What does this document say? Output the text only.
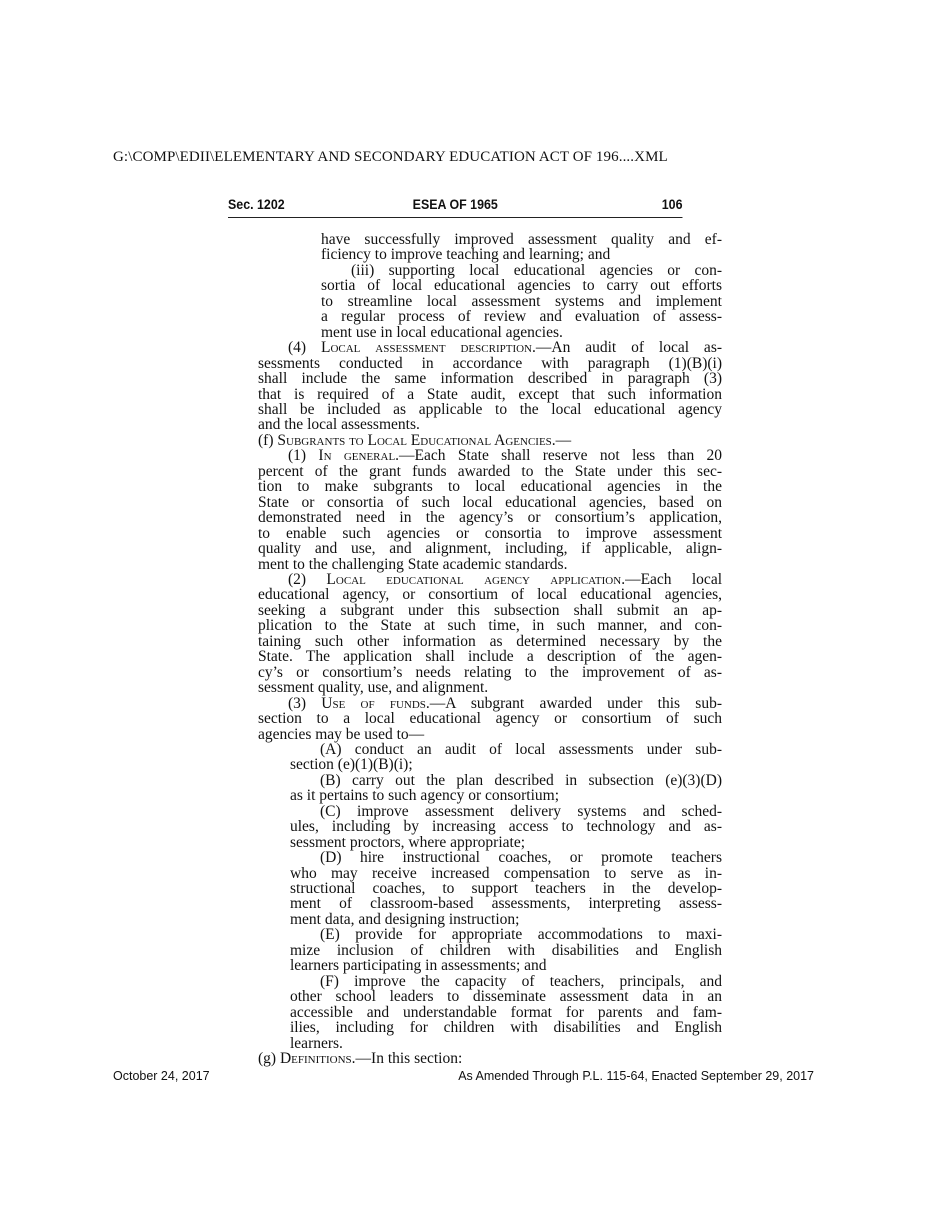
G:\COMP\EDII\ELEMENTARY AND SECONDARY EDUCATION ACT OF 196....XML
ESEA OF 1965
Sec. 1202	106

have successfully improved assessment quality and ef-

ficiency to improve teaching and learning; and

(iii) supporting local educational agencies or con-

sortia of local educational agencies to carry out efforts

to streamline local assessment systems and implement

a regular process of review and evaluation of assess-

ment use in local educational agencies.

(4) Local assessment description.—An audit of local as-

sessments conducted in accordance with paragraph (1)(B)(i)

shall include the same information described in paragraph (3)

that is required of a State audit, except that such information

shall be included as applicable to the local educational agency

and the local assessments.

(f) Subgrants to Local Educational Agencies.—

(1) In general.—Each State shall reserve not less than 20

percent of the grant funds awarded to the State under this sec-

tion to make subgrants to local educational agencies in the

State or consortia of such local educational agencies, based on

demonstrated need in the agency’s or consortium’s application,

to enable such agencies or consortia to improve assessment

quality and use, and alignment, including, if applicable, align-

ment to the challenging State academic standards.

(2) Local educational agency application.—Each local

educational agency, or consortium of local educational agencies,

seeking a subgrant under this subsection shall submit an ap-

plication to the State at such time, in such manner, and con-

taining such other information as determined necessary by the

State. The application shall include a description of the agen-

cy’s or consortium’s needs relating to the improvement of as-

sessment quality, use, and alignment.

(3) Use of funds.—A subgrant awarded under this sub-

section to a local educational agency or consortium of such

agencies may be used to—

(A) conduct an audit of local assessments under sub-

section (e)(1)(B)(i);

(B) carry out the plan described in subsection (e)(3)(D)

as it pertains to such agency or consortium;

(C) improve assessment delivery systems and sched-

ules, including by increasing access to technology and as-

sessment proctors, where appropriate;

(D) hire instructional coaches, or promote teachers

who may receive increased compensation to serve as in-

structional coaches, to support teachers in the develop-

ment of classroom-based assessments, interpreting assess-

ment data, and designing instruction;

(E) provide for appropriate accommodations to maxi-

mize inclusion of children with disabilities and English

learners participating in assessments; and

(F) improve the capacity of teachers, principals, and

other school leaders to disseminate assessment data in an

accessible and understandable format for parents and fam-

ilies, including for children with disabilities and English

learners.

(g) Definitions.—In this section:

October 24, 2017	As Amended Through P.L. 115-64, Enacted September 29, 2017
